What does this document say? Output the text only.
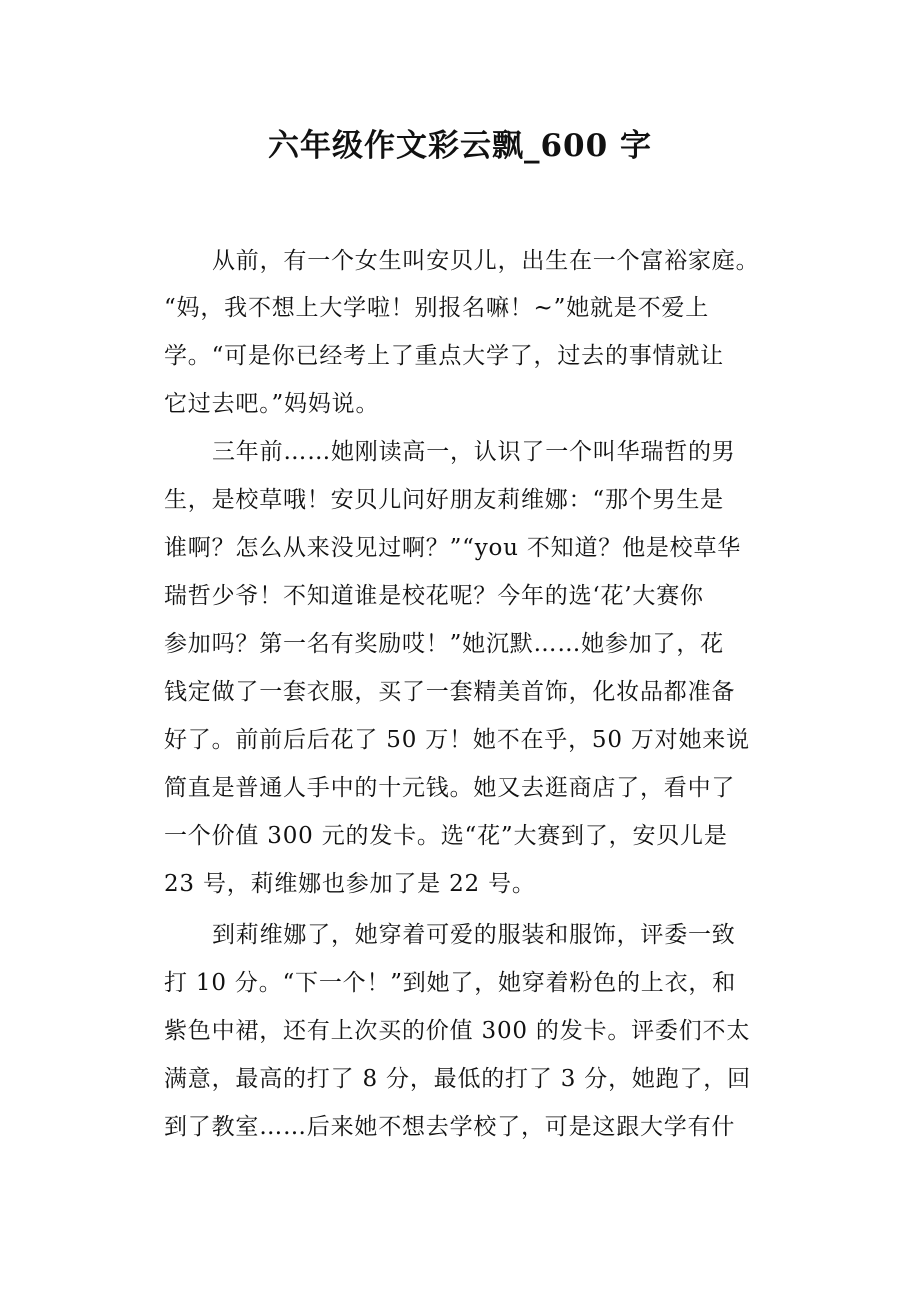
六年级作文彩云飘_600 字
从前，有一个女生叫安贝儿，出生在一个富裕家庭。
“妈，我不想上大学啦！别报名嘛！~”她就是不爱上
学。“可是你已经考上了重点大学了，过去的事情就让
它过去吧。”妈妈说。
三年前……她刚读高一，认识了一个叫华瑞哲的男
生，是校草哦！安贝儿问好朋友莉维娜：“那个男生是
谁啊？怎么从来没见过啊？”“you 不知道？他是校草华
瑞哲少爷！不知道谁是校花呢？今年的选‘花’大赛你
参加吗？第一名有奖励哎！”她沉默……她参加了，花
钱定做了一套衣服，买了一套精美首饰，化妆品都准备
好了。前前后后花了 50 万！她不在乎，50 万对她来说
简直是普通人手中的十元钱。她又去逛商店了，看中了
一个价值 300 元的发卡。选“花”大赛到了，安贝儿是
23 号，莉维娜也参加了是 22 号。
到莉维娜了，她穿着可爱的服装和服饰，评委一致
打 10 分。“下一个！”到她了，她穿着粉色的上衣，和
紫色中裙，还有上次买的价值 300 的发卡。评委们不太
满意，最高的打了 8 分，最低的打了 3 分，她跑了，回
到了教室……后来她不想去学校了，可是这跟大学有什
